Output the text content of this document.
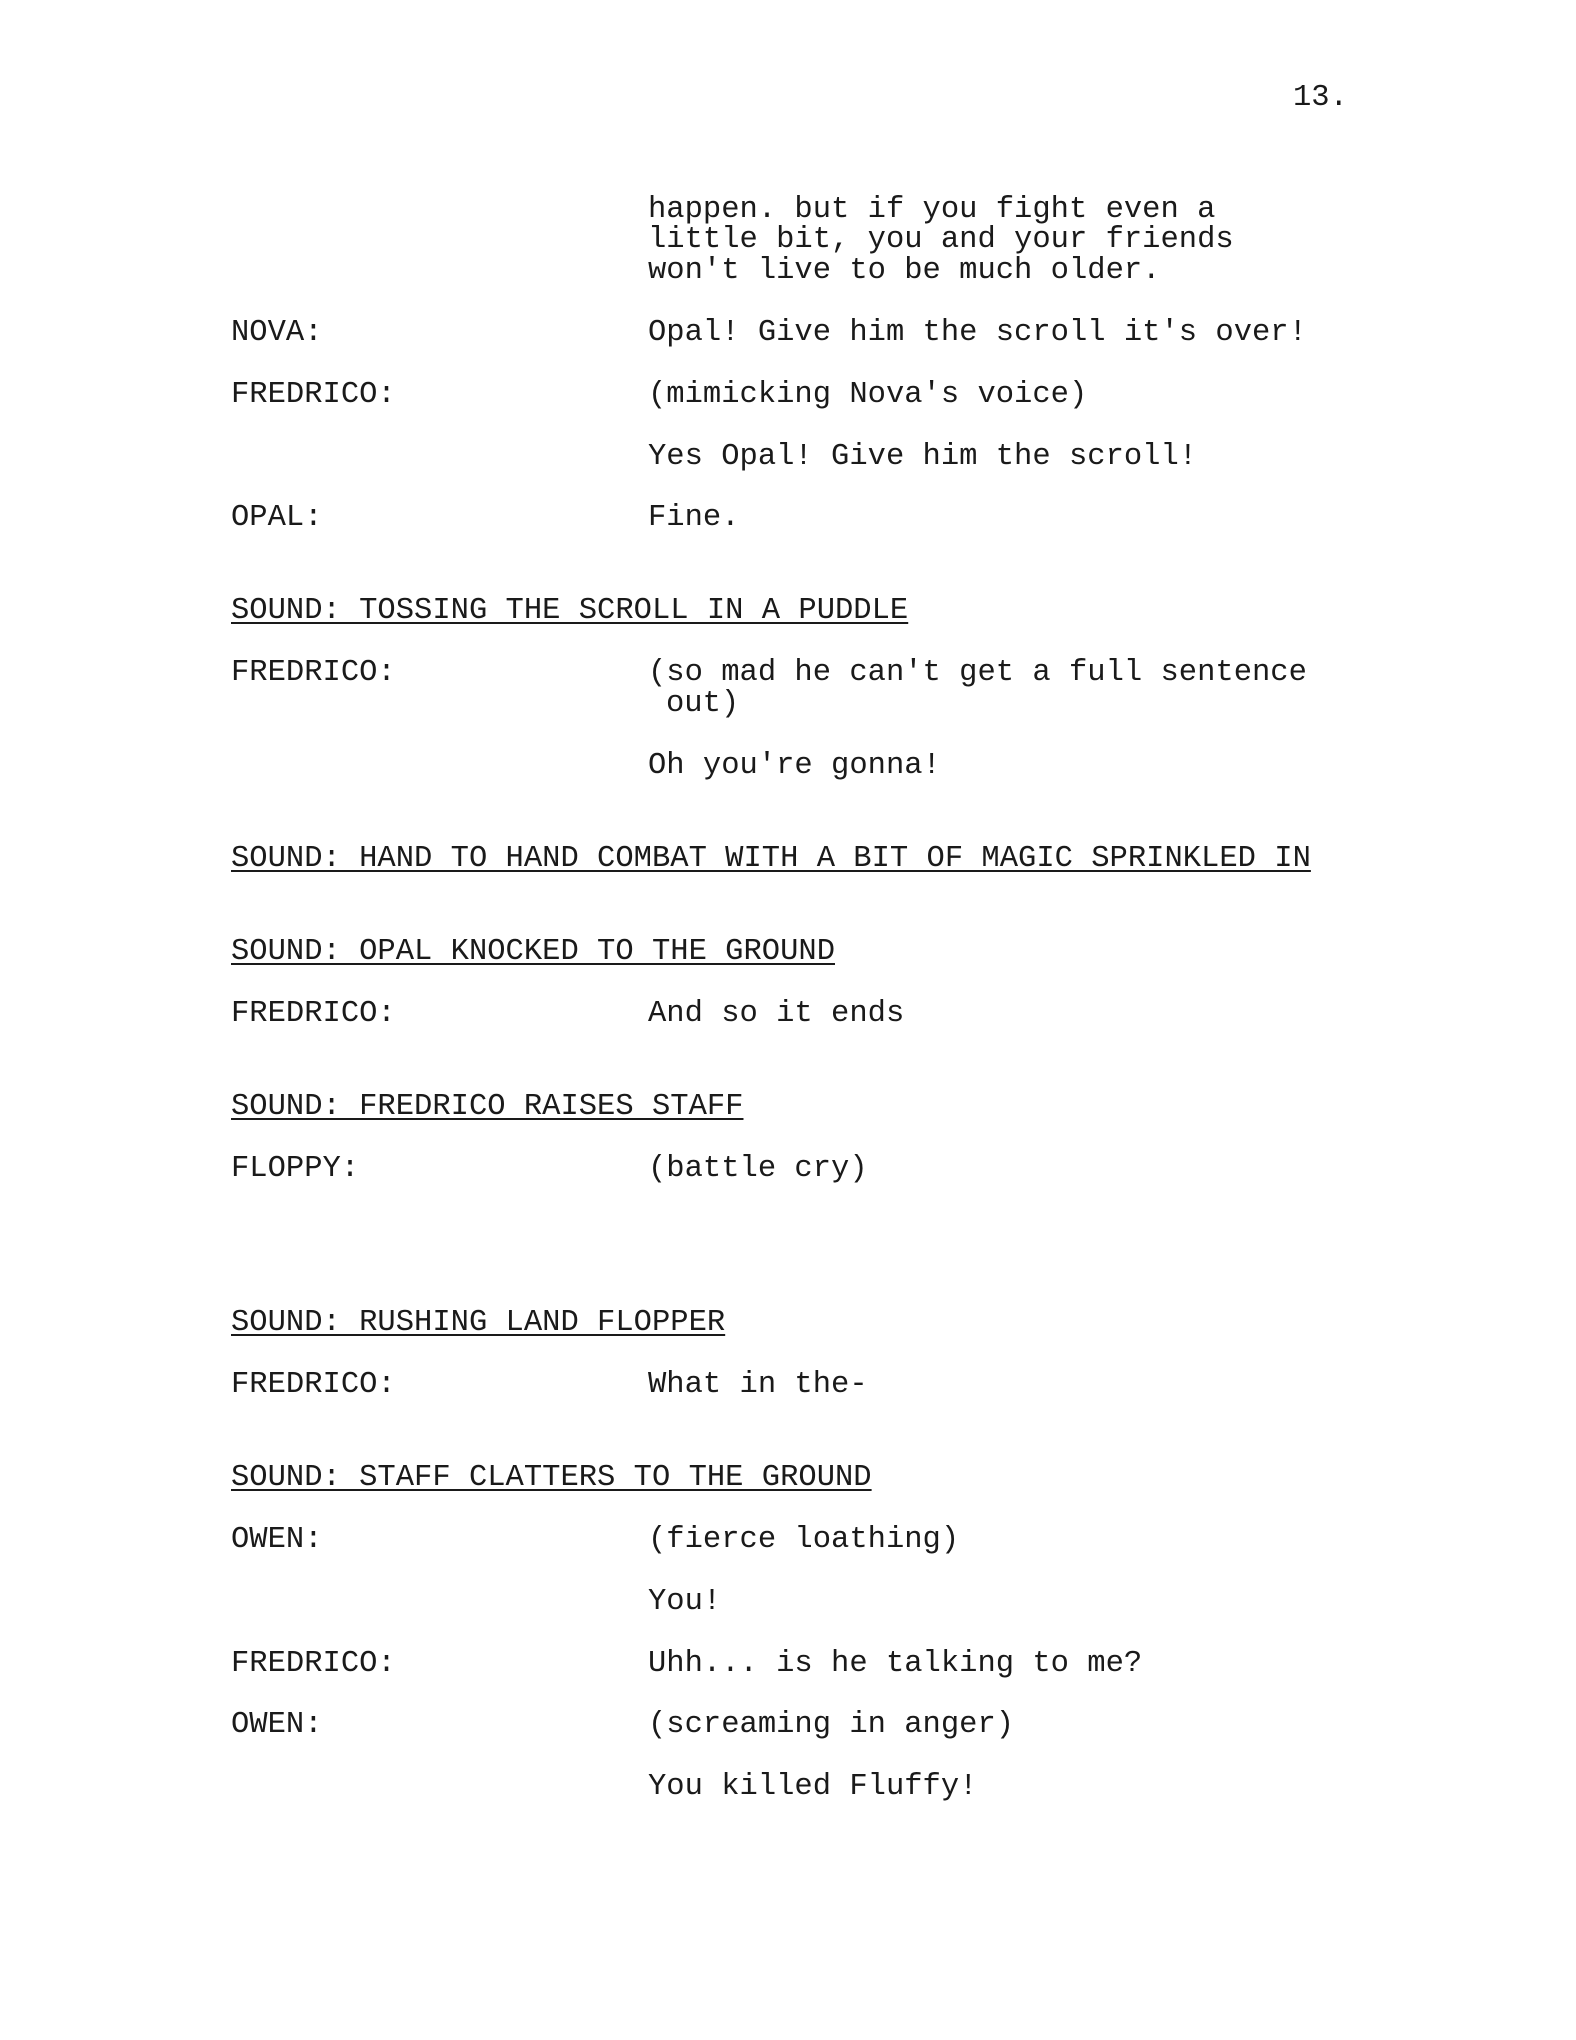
13.
happen. but if you fight even a
little bit, you and your friends
won't live to be much older.
NOVA:	Opal! Give him the scroll it's over!
FREDRICO:	(mimicking Nova's voice)
Yes Opal! Give him the scroll!
OPAL:	Fine.
SOUND: TOSSING THE SCROLL IN A PUDDLE
FREDRICO:	(so mad he can't get a full sentence
out)
Oh you're gonna!
SOUND: HAND TO HAND COMBAT WITH A BIT OF MAGIC SPRINKLED IN
SOUND: OPAL KNOCKED TO THE GROUND
FREDRICO:	And so it ends
SOUND: FREDRICO RAISES STAFF
FLOPPY:	(battle cry)
SOUND: RUSHING LAND FLOPPER
FREDRICO:	What in the-
SOUND: STAFF CLATTERS TO THE GROUND
OWEN:	(fierce loathing)
You!
FREDRICO:	Uhh... is he talking to me?
OWEN:	(screaming in anger)
You killed Fluffy!
